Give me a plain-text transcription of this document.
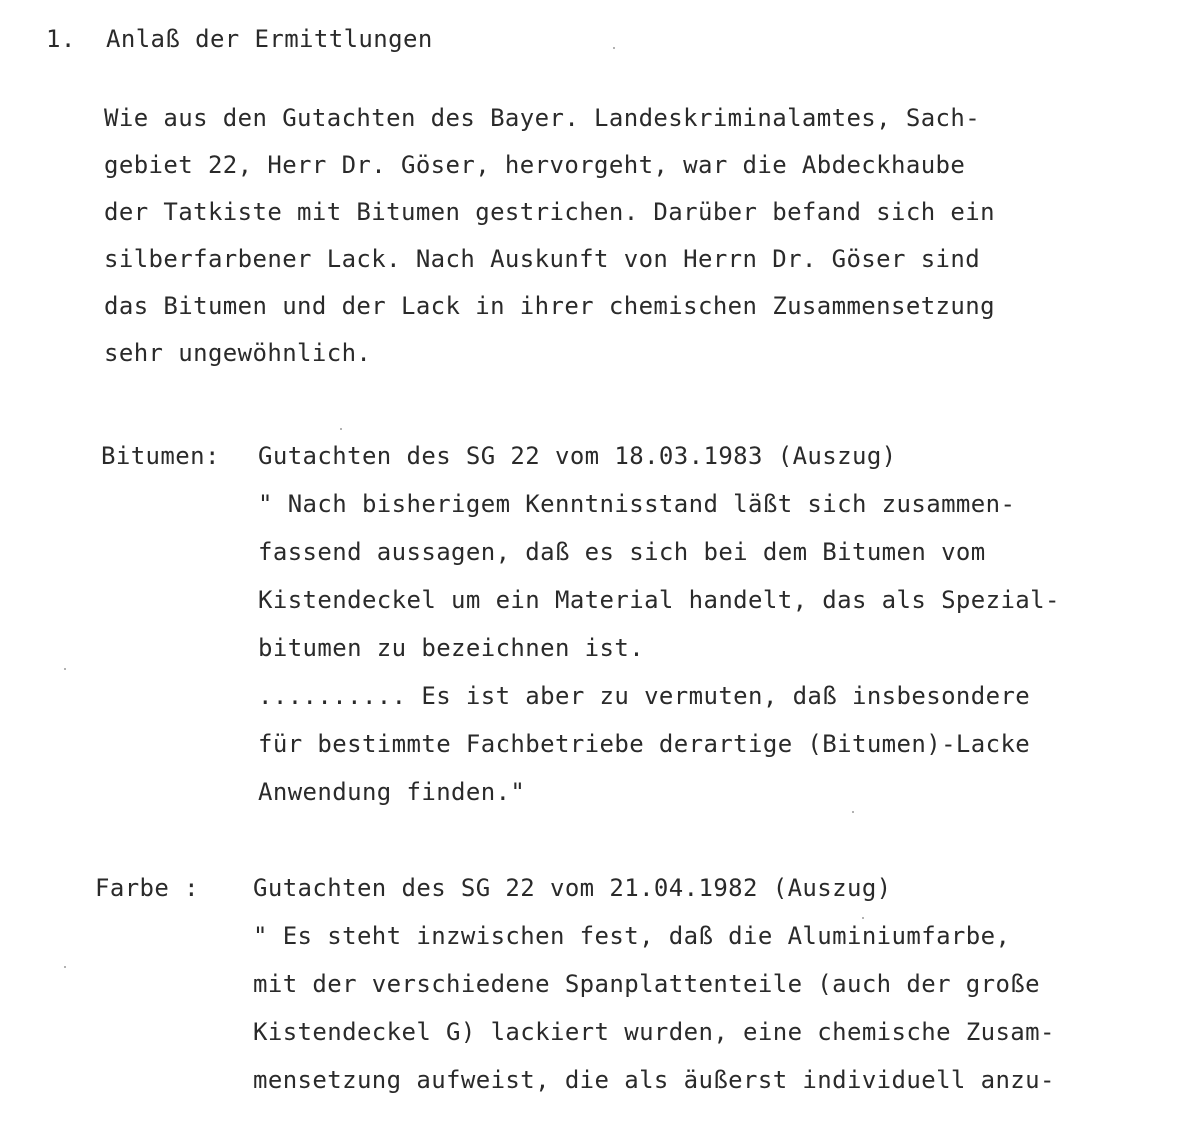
1. Anlaß der Ermittlungen
Wie aus den Gutachten des Bayer. Landeskriminalamtes, Sach-
gebiet 22, Herr Dr. Göser, hervorgeht, war die Abdeckhaube
der Tatkiste mit Bitumen gestrichen. Darüber befand sich ein
silberfarbener Lack. Nach Auskunft von Herrn Dr. Göser sind
das Bitumen und der Lack in ihrer chemischen Zusammensetzung
sehr ungewöhnlich.
Bitumen: Gutachten des SG 22 vom 18.03.1983 (Auszug)
" Nach bisherigem Kenntnisstand läßt sich zusammen-
fassend aussagen, daß es sich bei dem Bitumen vom
Kistendeckel um ein Material handelt, das als Spezial-
bitumen zu bezeichnen ist.
.......... Es ist aber zu vermuten, daß insbesondere
für bestimmte Fachbetriebe derartige (Bitumen)-Lacke
Anwendung finden."
Farbe : Gutachten des SG 22 vom 21.04.1982 (Auszug)
" Es steht inzwischen fest, daß die Aluminiumfarbe,
mit der verschiedene Spanplattenteile (auch der große
Kistendeckel G) lackiert wurden, eine chemische Zusam-
mensetzung aufweist, die als äußerst individuell anzu-
